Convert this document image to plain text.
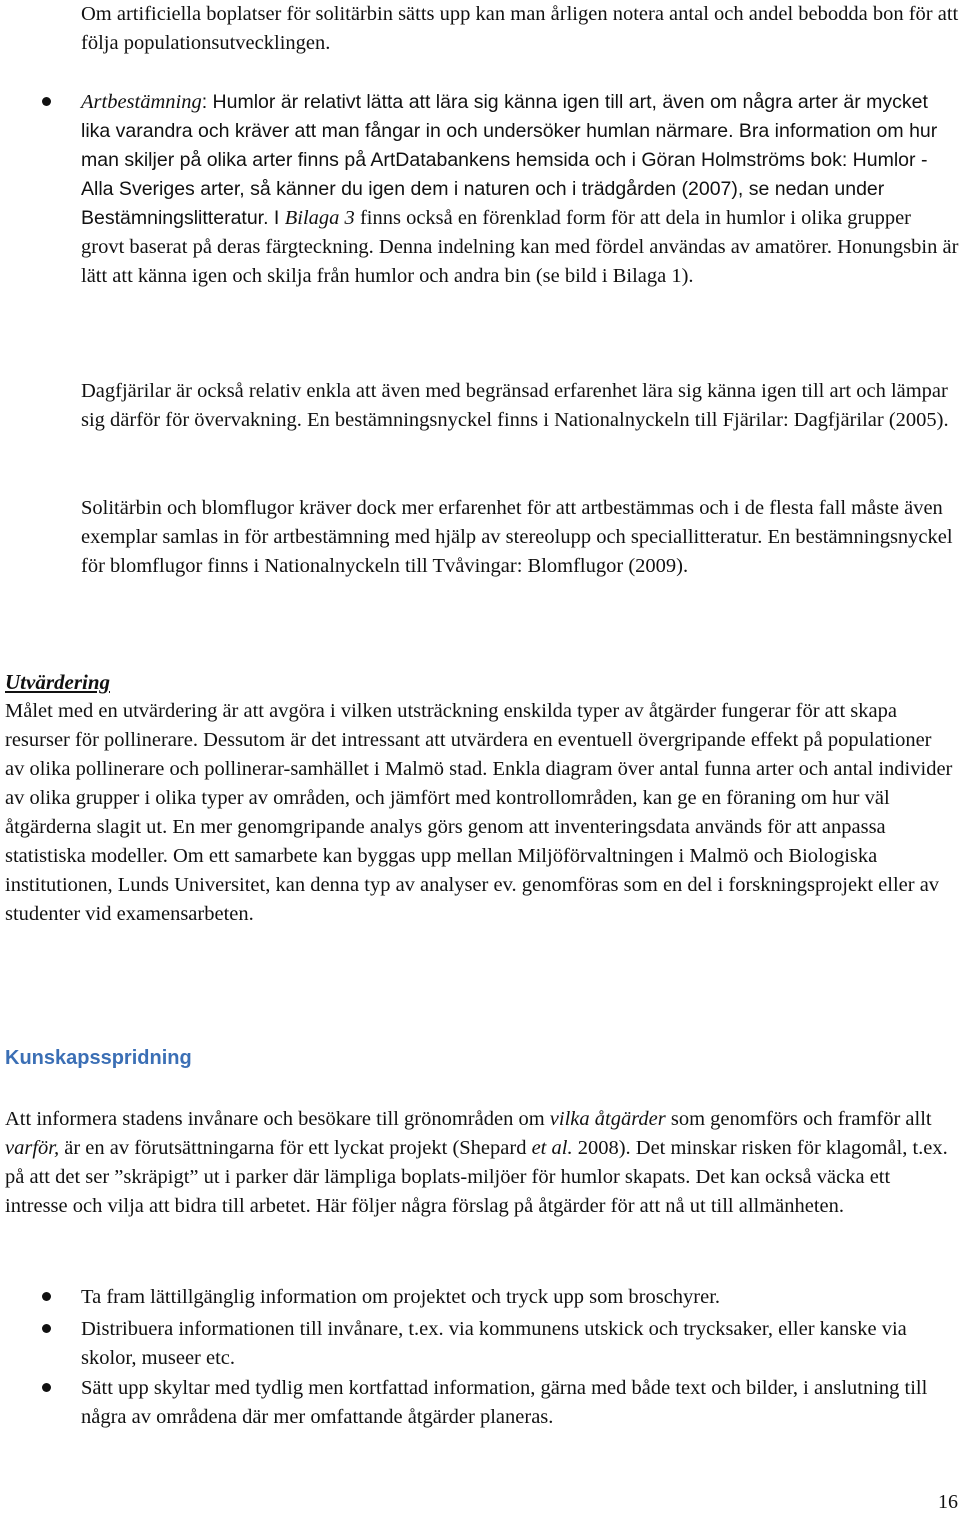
Om artificiella boplatser för solitärbin sätts upp kan man årligen notera antal och andel bebodda bon för att följa populationsutvecklingen.

Artbestämning: Humlor är relativt lätta att lära sig känna igen till art, även om några arter är mycket lika varandra och kräver att man fångar in och undersöker humlan närmare. Bra information om hur man skiljer på olika arter finns på ArtDatabankens hemsida och i Göran Holmströms bok: Humlor - Alla Sveriges arter, så känner du igen dem i naturen och i trädgården (2007), se nedan under Bestämningslitteratur. I Bilaga 3 finns också en förenklad form för att dela in humlor i olika grupper grovt baserat på deras färgteckning. Denna indelning kan med fördel användas av amatörer. Honungsbin är lätt att känna igen och skilja från humlor och andra bin (se bild i Bilaga 1).

Dagfjärilar är också relativ enkla att även med begränsad erfarenhet lära sig känna igen till art och lämpar sig därför för övervakning. En bestämningsnyckel finns i Nationalnyckeln till Fjärilar: Dagfjärilar (2005).

Solitärbin och blomflugor kräver dock mer erfarenhet för att artbestämmas och i de flesta fall måste även exemplar samlas in för artbestämning med hjälp av stereolupp och speciallitteratur. En bestämningsnyckel för blomflugor finns i Nationalnyckeln till Tvåvingar: Blomflugor (2009).

Utvärdering

Målet med en utvärdering är att avgöra i vilken utsträckning enskilda typer av åtgärder fungerar för att skapa resurser för pollinerare. Dessutom är det intressant att utvärdera en eventuell övergripande effekt på populationer av olika pollinerare och pollinerar-samhället i Malmö stad. Enkla diagram över antal funna arter och antal individer av olika grupper i olika typer av områden, och jämfört med kontrollområden, kan ge en föraning om hur väl åtgärderna slagit ut. En mer genomgripande analys görs genom att inventeringsdata används för att anpassa statistiska modeller. Om ett samarbete kan byggas upp mellan Miljöförvaltningen i Malmö och Biologiska institutionen, Lunds Universitet, kan denna typ av analyser ev. genomföras som en del i forskningsprojekt eller av studenter vid examensarbeten.

Kunskapsspridning

Att informera stadens invånare och besökare till grönområden om vilka åtgärder som genomförs och framför allt varför, är en av förutsättningarna för ett lyckat projekt (Shepard et al. 2008). Det minskar risken för klagomål, t.ex. på att det ser ”skräpigt” ut i parker där lämpliga boplats-miljöer för humlor skapats. Det kan också väcka ett intresse och vilja att bidra till arbetet. Här följer några förslag på åtgärder för att nå ut till allmänheten.

Ta fram lättillgänglig information om projektet och tryck upp som broschyrer.

Distribuera informationen till invånare, t.ex. via kommunens utskick och trycksaker, eller kanske via skolor, museer etc.

Sätt upp skyltar med tydlig men kortfattad information, gärna med både text och bilder, i anslutning till några av områdena där mer omfattande åtgärder planeras.

16
